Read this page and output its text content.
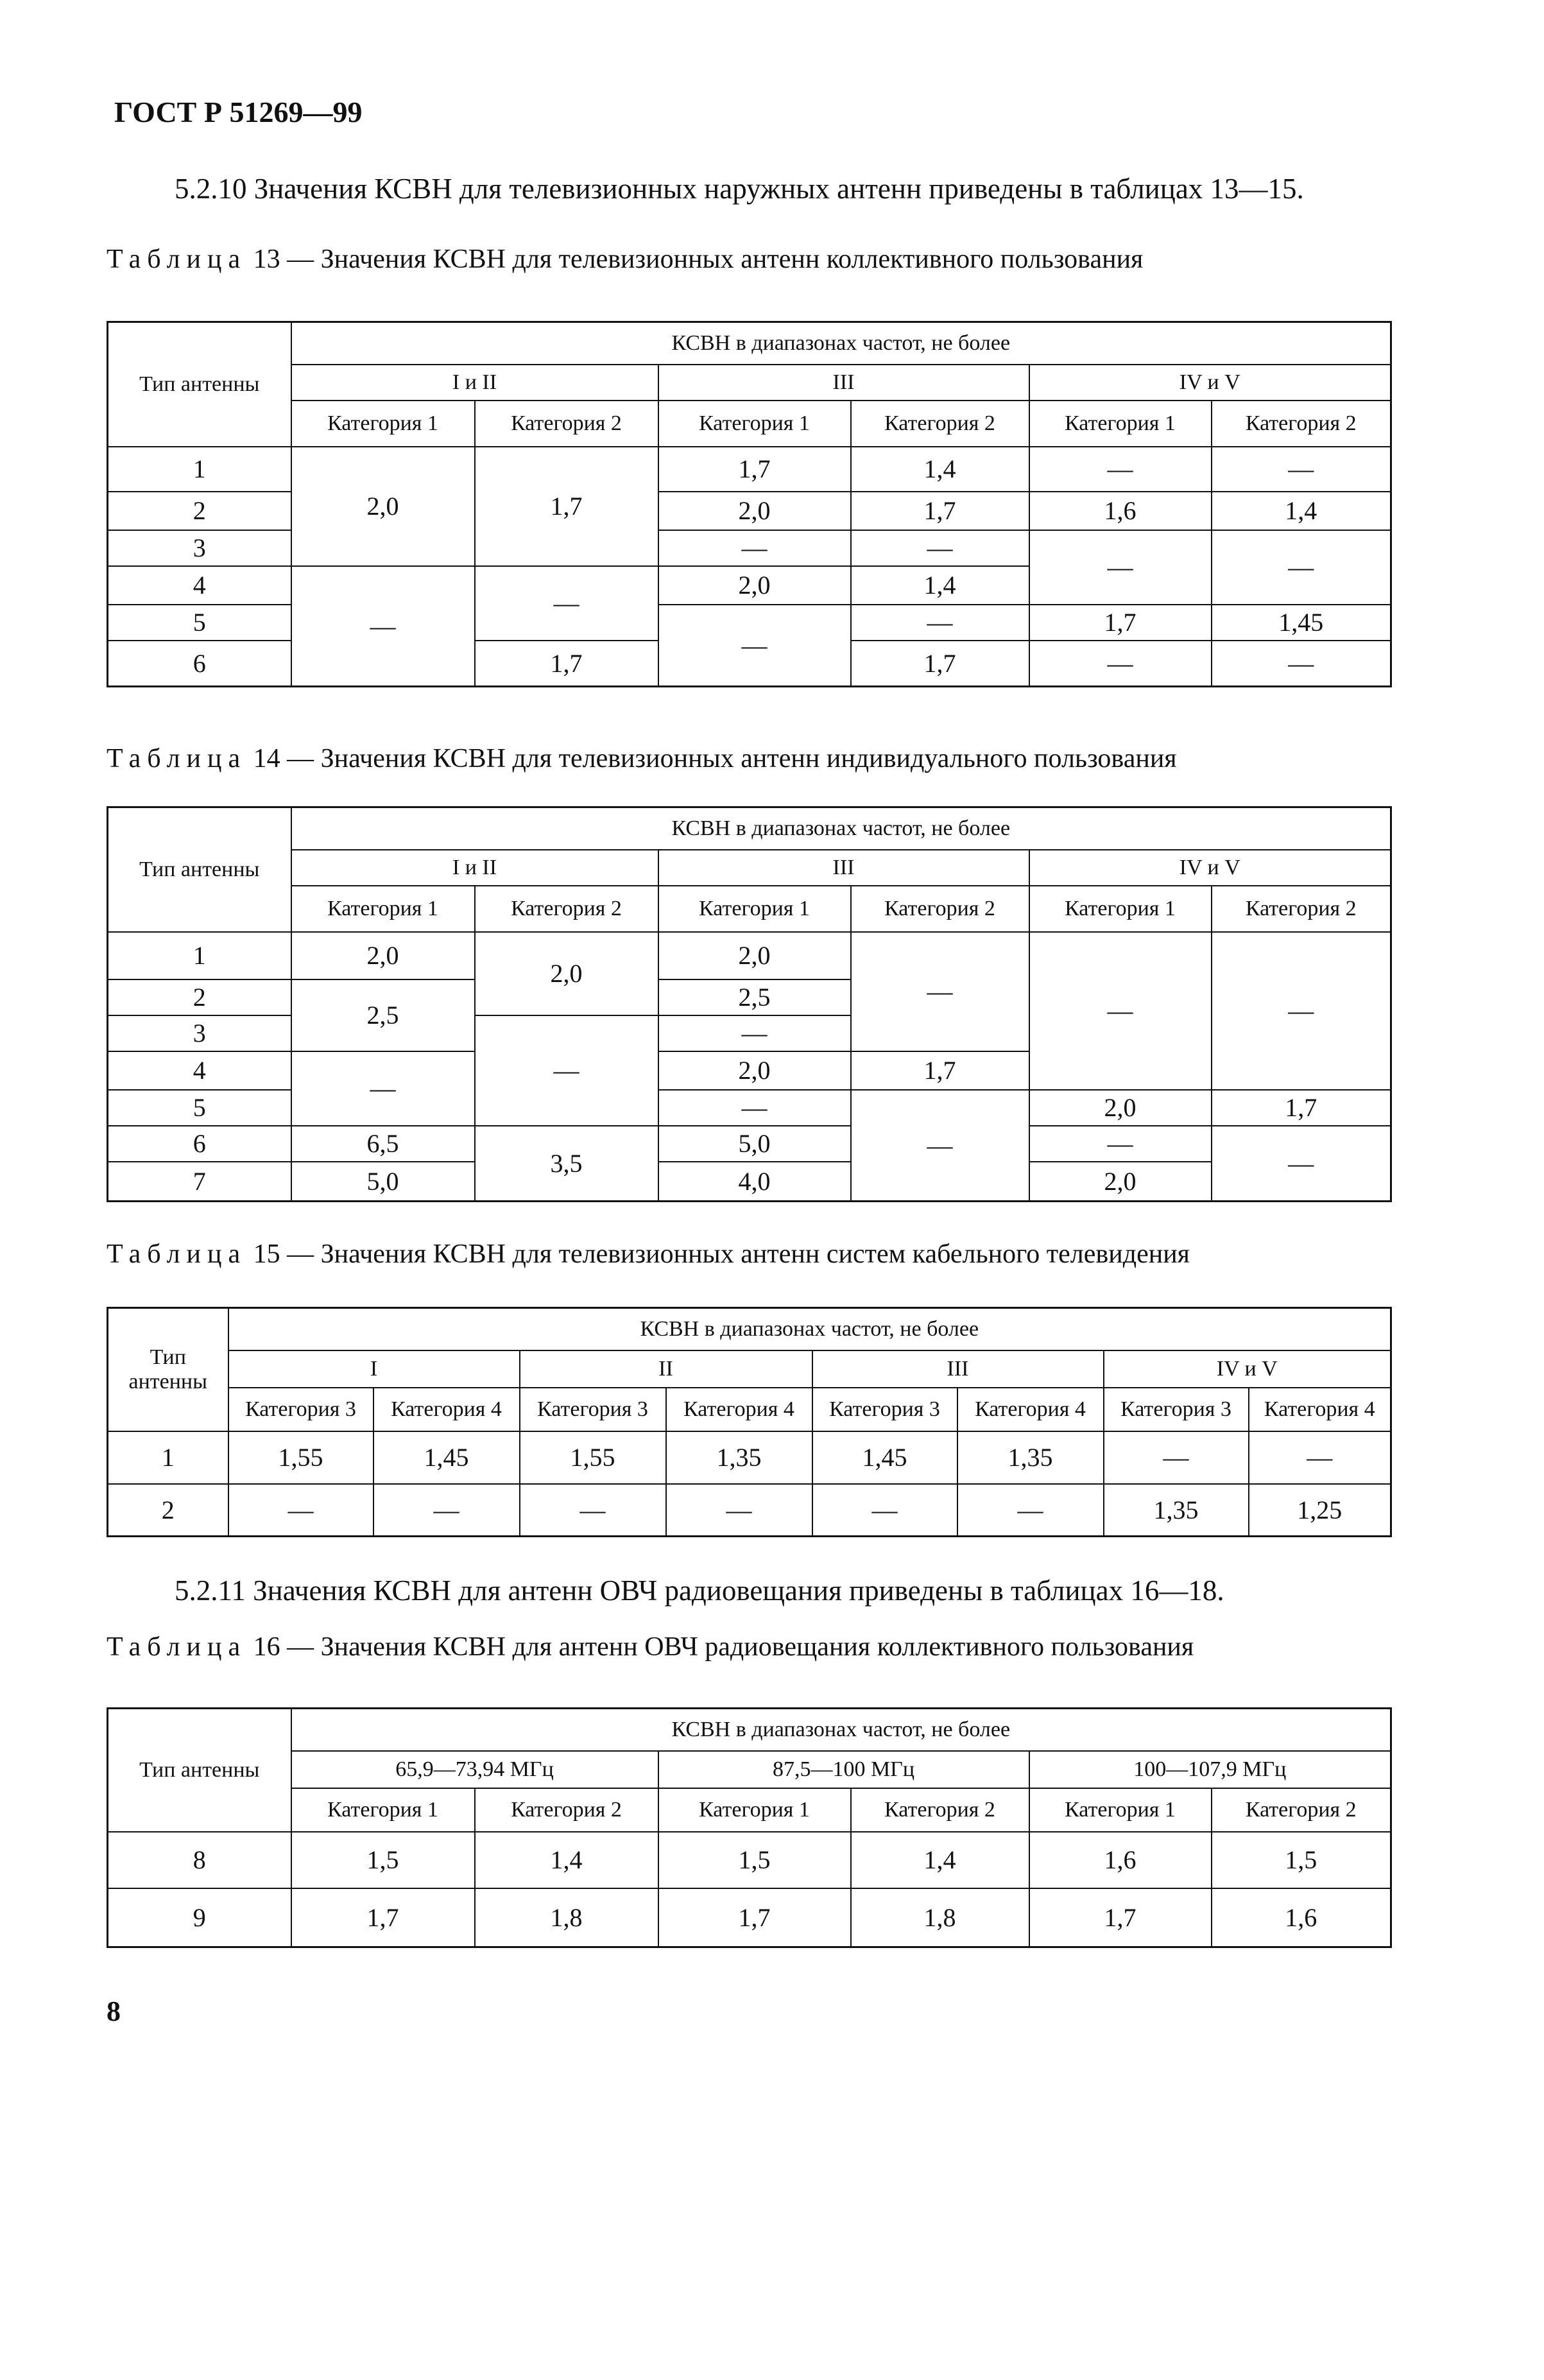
ГОСТ Р 51269—99
5.2.10 Значения КСВН для телевизионных наружных антенн приведены в таблицах 13—15.
Таблица 13 — Значения КСВН для телевизионных антенн коллективного пользования
Тип антенны	КСВН в диапазонах частот, не более					
	I и II		III		IV и V	
	Категория 1	Категория 2	Категория 1	Категория 2	Категория 1	Категория 2
1	2,0	1,7	1,7	1,4	—	—
2			2,0	1,7	1,6	1,4
3			—	—	—	—
4	—	—	2,0	1,4		
5			—	—	1,7	1,45
6		1,7		1,7	—	—
Таблица 14 — Значения КСВН для телевизионных антенн индивидуального пользования
Тип антенны	КСВН в диапазонах частот, не более					
	I и II		III		IV и V	
	Категория 1	Категория 2	Категория 1	Категория 2	Категория 1	Категория 2
1	2,0	2,0	2,0	—	—	—
2	2,5		2,5			
3		—	—			
4	—		2,0	1,7		
5			—	—	2,0	1,7
6	6,5	3,5	5,0		—	—
7	5,0		4,0		2,0	
Таблица 15 — Значения КСВН для телевизионных антенн систем кабельного телевидения
Тип
антенны	КСВН в диапазонах частот, не более							
	I		II		III		IV и V	
	Категория 3	Категория 4	Категория 3	Категория 4	Категория 3	Категория 4	Категория 3	Категория 4
1	1,55	1,45	1,55	1,35	1,45	1,35	—	—
2	—	—	—	—	—	—	1,35	1,25
5.2.11 Значения КСВН для антенн ОВЧ радиовещания приведены в таблицах 16—18.
Таблица 16 — Значения КСВН для антенн ОВЧ радиовещания коллективного пользования
Тип антенны	КСВН в диапазонах частот, не более					
	65,9—73,94 МГц		87,5—100 МГц		100—107,9 МГц	
	Категория 1	Категория 2	Категория 1	Категория 2	Категория 1	Категория 2
8	1,5	1,4	1,5	1,4	1,6	1,5
9	1,7	1,8	1,7	1,8	1,7	1,6
8
